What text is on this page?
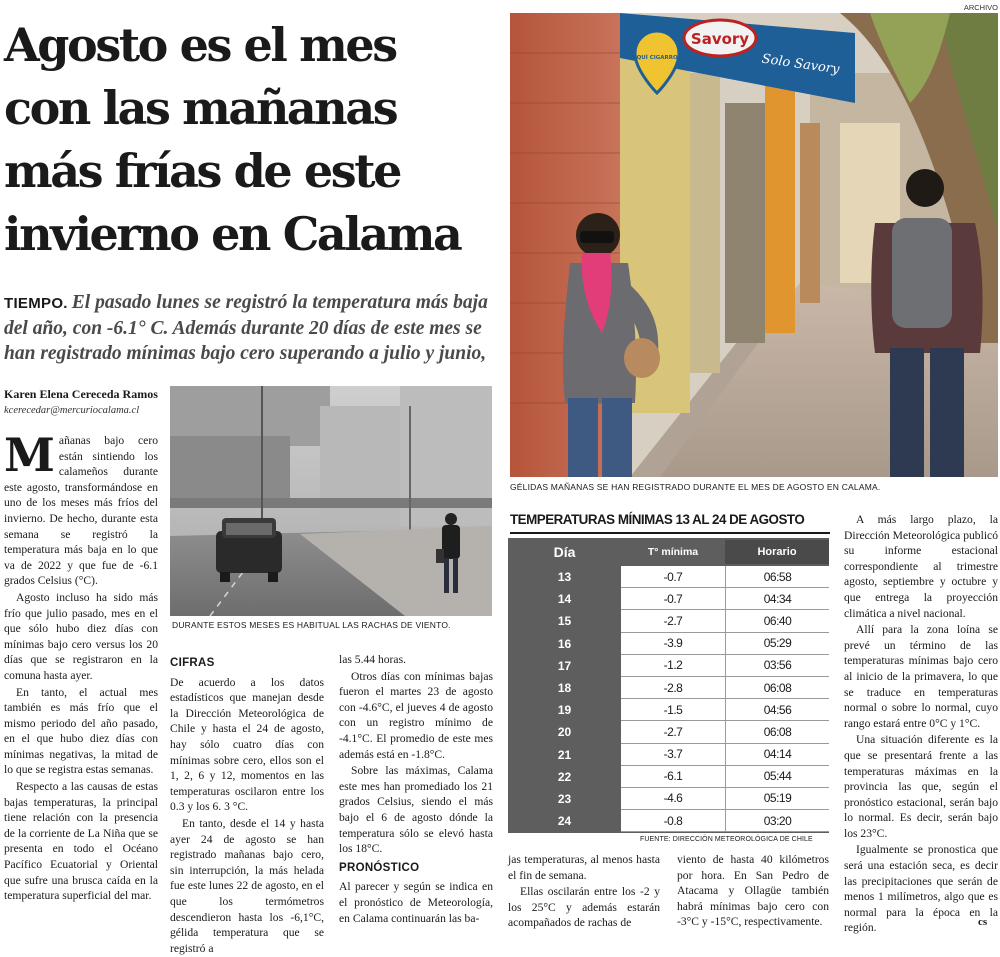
Agosto es el mes
con las mañanas
más frías de este
invierno en Calama
TIEMPO. El pasado lunes se registró la temperatura más baja del año, con -6.1° C. Además durante 20 días de este mes se han registrado mínimas bajo cero superando a julio y junio,
Karen Elena Cereceda Ramos
kcerecedar@mercuriocalama.cl

Mañanas bajo cero están sintiendo los calameños durante este agosto, transformándose en uno de los meses más fríos del invierno. De hecho, durante esta semana se registró la temperatura más baja en lo que va de 2022 y que fue de -6.1 grados Celsius (°C).

Agosto incluso ha sido más frío que julio pasado, mes en el que sólo hubo diez días con mínimas bajo cero versus los 20 días que se registraron en la comuna hasta ayer.

En tanto, el actual mes también es más frío que el mismo periodo del año pasado, en el que hubo diez días con mínimas negativas, la mitad de lo que se registra estas semanas.

Respecto a las causas de estas bajas temperaturas, la principal tiene relación con la presencia de la corriente de La Niña que se presenta en todo el Océano Pacífico Ecuatorial y Oriental que sufre una brusca caída en la temperatura superficial del mar.

DURANTE ESTOS MESES ES HABITUAL LAS RACHAS DE VIENTO.
CIFRAS

De acuerdo a los datos estadísticos que manejan desde la Dirección Meteorológica de Chile y hasta el 24 de agosto, hay sólo cuatro días con mínimas sobre cero, ellos son el 1, 2, 6 y 12, momentos en las temperaturas oscilaron entre los 0.3 y los 6. 3 °C.

En tanto, desde el 14 y hasta ayer 24 de agosto se han registrado mañanas bajo cero, sin interrupción, la más helada fue este lunes 22 de agosto, en el que los termómetros descendieron hasta los -6,1°C, gélida temperatura que se registró a

las 5.44 horas.

Otros días con mínimas bajas fueron el martes 23 de agosto con -4.6°C, el jueves 4 de agosto con un registro mínimo de -4.1°C. El promedio de este mes además está en -1.8°C.

Sobre las máximas, Calama este mes han promediado los 21 grados Celsius, siendo el más bajo el 6 de agosto dónde la temperatura sólo se elevó hasta los 18°C.

PRONÓSTICO

Al parecer y según se indica en el pronóstico de Meteorología, en Calama continuarán las ba-

ARCHIVO
Savory
Solo Savory
AQUÍ CIGARROS
GÉLIDAS MAÑANAS SE HAN REGISTRADO DURANTE EL MES DE AGOSTO EN CALAMA.
TEMPERATURAS MÍNIMAS 13 AL 24 DE AGOSTO
Día	T° mínima	Horario
13	-0.7	06:58
14	-0.7	04:34
15	-2.7	06:40
16	-3.9	05:29
17	-1.2	03:56
18	-2.8	06:08
19	-1.5	04:56
20	-2.7	06:08
21	-3.7	04:14
22	-6.1	05:44
23	-4.6	05:19
24	-0.8	03:20
FUENTE: DIRECCIÓN METEOROLÓGICA DE CHILE

jas temperaturas, al menos hasta el fin de semana.

Ellas oscilarán entre los -2 y los 25°C y además estarán acompañados de rachas de

viento de hasta 40 kilómetros por hora. En San Pedro de Atacama y Ollagüe también habrá mínimas bajo cero con -3°C y -15°C, respectivamente.

A más largo plazo, la Dirección Meteorológica publicó su informe estacional correspondiente al trimestre agosto, septiembre y octubre y que entrega la proyección climática a nivel nacional.

Allí para la zona loína se prevé un término de las temperaturas mínimas bajo cero al inicio de la primavera, lo que se traduce en temperaturas normal o sobre lo normal, cuyo rango estará entre 0°C y 1°C.

Una situación diferente es la que se presentará frente a las temperaturas máximas en la provincia las que, según el pronóstico estacional, serán bajo lo normal. Es decir, serán bajo los 23°C.

Igualmente se pronostica que será una estación seca, es decir las precipitaciones que serán de menos 1 milímetros, algo que es normal para la época en la región.	cs
